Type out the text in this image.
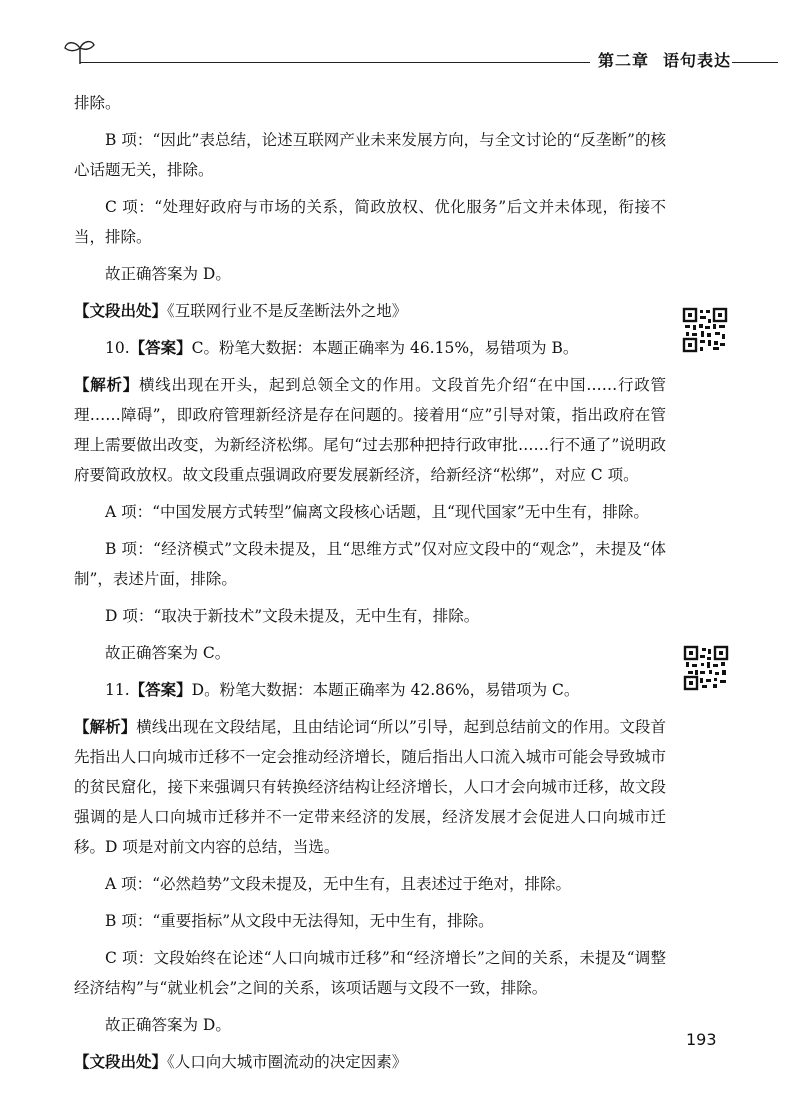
第二章 语句表达

排除。

B 项：“因此”表总结，论述互联网产业未来发展方向，与全文讨论的“反垄断”的核心话题无关，排除。

C 项：“处理好政府与市场的关系，简政放权、优化服务”后文并未体现，衔接不当，排除。

故正确答案为 D。

【文段出处】《互联网行业不是反垄断法外之地》

10.【答案】C。粉笔大数据：本题正确率为 46.15%，易错项为 B。

【解析】横线出现在开头，起到总领全文的作用。文段首先介绍“在中国……行政管理……障碍”，即政府管理新经济是存在问题的。接着用“应”引导对策，指出政府在管理上需要做出改变，为新经济松绑。尾句“过去那种把持行政审批……行不通了”说明政府要简政放权。故文段重点强调政府要发展新经济，给新经济“松绑”，对应 C 项。

A 项：“中国发展方式转型”偏离文段核心话题，且“现代国家”无中生有，排除。

B 项：“经济模式”文段未提及，且“思维方式”仅对应文段中的“观念”，未提及“体制”，表述片面，排除。

D 项：“取决于新技术”文段未提及，无中生有，排除。

故正确答案为 C。

11.【答案】D。粉笔大数据：本题正确率为 42.86%，易错项为 C。

【解析】横线出现在文段结尾，且由结论词“所以”引导，起到总结前文的作用。文段首先指出人口向城市迁移不一定会推动经济增长，随后指出人口流入城市可能会导致城市的贫民窟化，接下来强调只有转换经济结构让经济增长，人口才会向城市迁移，故文段强调的是人口向城市迁移并不一定带来经济的发展，经济发展才会促进人口向城市迁移。D 项是对前文内容的总结，当选。

A 项：“必然趋势”文段未提及，无中生有，且表述过于绝对，排除。

B 项：“重要指标”从文段中无法得知，无中生有，排除。

C 项：文段始终在论述“人口向城市迁移”和“经济增长”之间的关系，未提及“调整经济结构”与“就业机会”之间的关系，该项话题与文段不一致，排除。

故正确答案为 D。

【文段出处】《人口向大城市圈流动的决定因素》

193
